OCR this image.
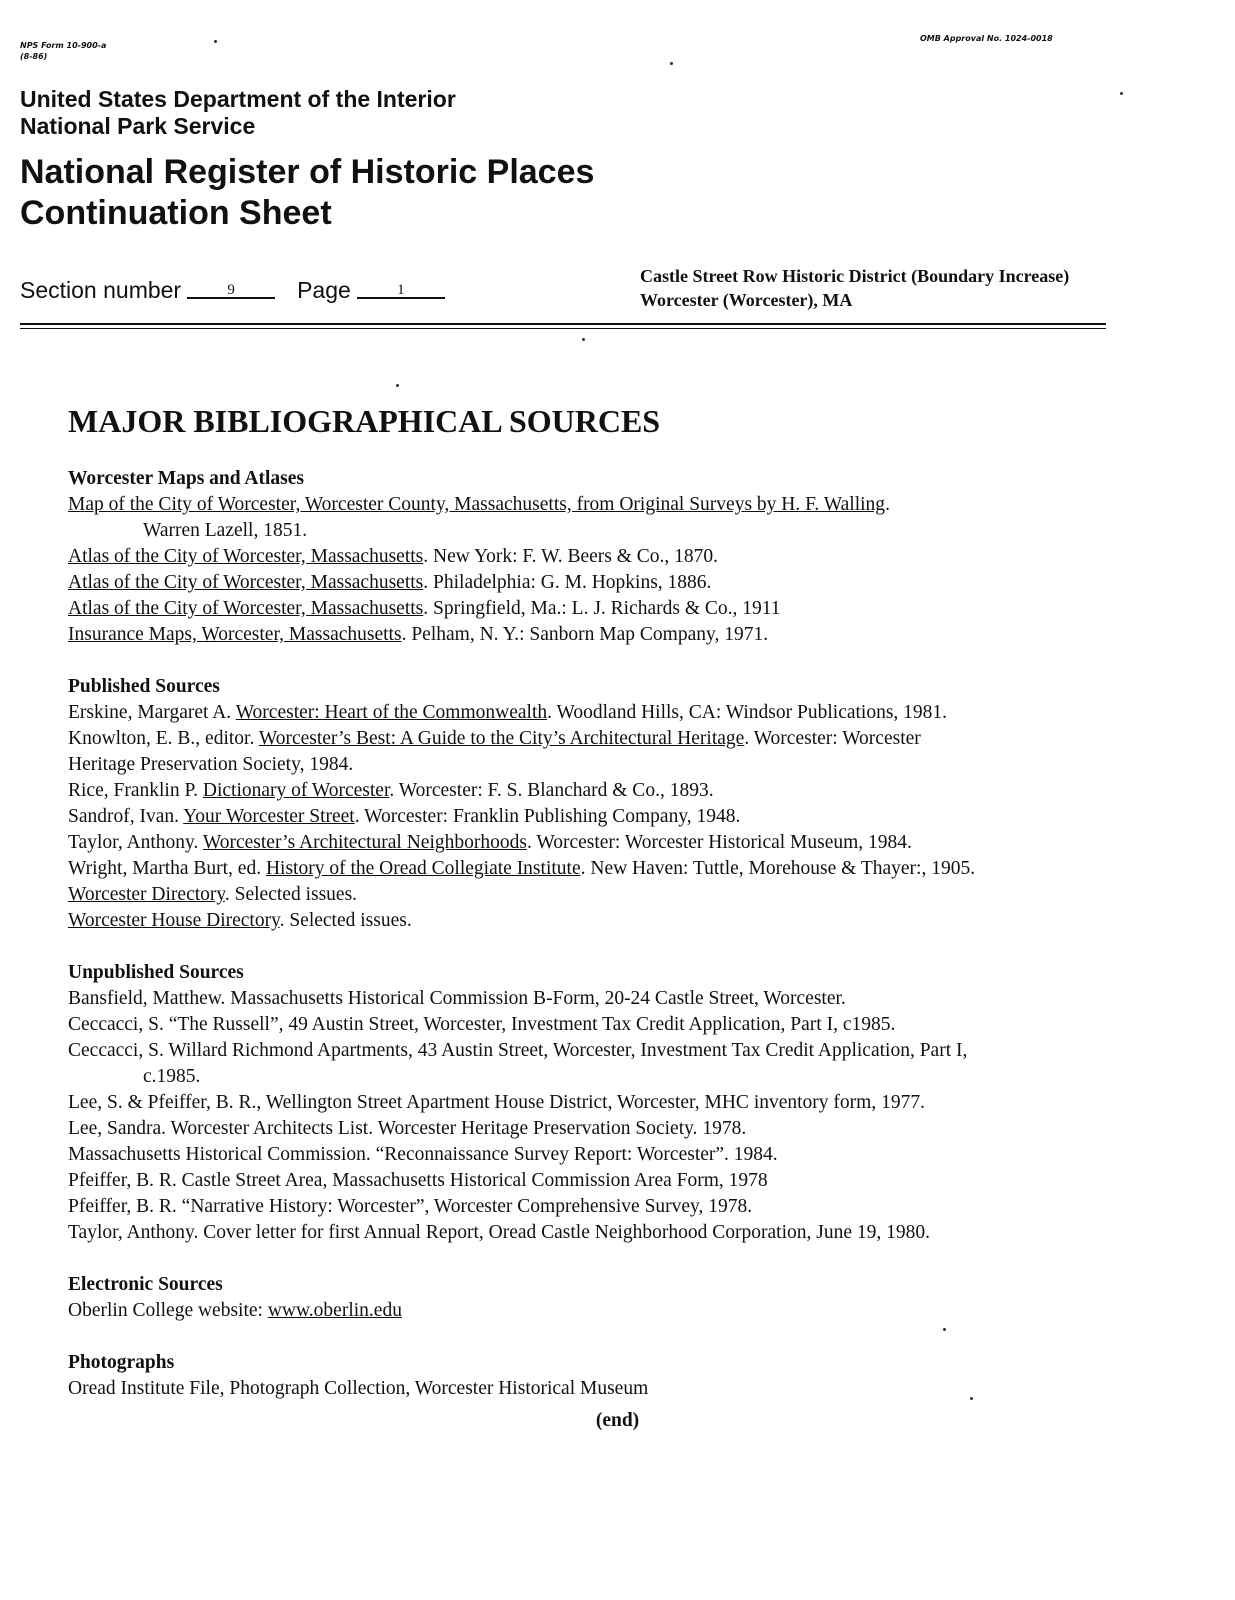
NPS Form 10-900-a
(8-86)
OMB Approval No. 1024-0018
United States Department of the Interior
National Park Service
National Register of Historic Places
Continuation Sheet
Section number	9	Page	1
Castle Street Row Historic District (Boundary Increase)
Worcester (Worcester), MA
MAJOR BIBLIOGRAPHICAL SOURCES
Worcester Maps and Atlases
Map of the City of Worcester, Worcester County, Massachusetts, from Original Surveys by H. F. Walling.
Warren Lazell, 1851.
Atlas of the City of Worcester, Massachusetts. New York: F. W. Beers & Co., 1870.
Atlas of the City of Worcester, Massachusetts. Philadelphia: G. M. Hopkins, 1886.
Atlas of the City of Worcester, Massachusetts. Springfield, Ma.: L. J. Richards & Co., 1911
Insurance Maps, Worcester, Massachusetts. Pelham, N. Y.: Sanborn Map Company, 1971.
Published Sources
Erskine, Margaret A. Worcester: Heart of the Commonwealth. Woodland Hills, CA: Windsor Publications, 1981.
Knowlton, E. B., editor. Worcester’s Best: A Guide to the City’s Architectural Heritage. Worcester: Worcester
Heritage Preservation Society, 1984.
Rice, Franklin P. Dictionary of Worcester. Worcester: F. S. Blanchard & Co., 1893.
Sandrof, Ivan. Your Worcester Street. Worcester: Franklin Publishing Company, 1948.
Taylor, Anthony. Worcester’s Architectural Neighborhoods. Worcester: Worcester Historical Museum, 1984.
Wright, Martha Burt, ed. History of the Oread Collegiate Institute. New Haven: Tuttle, Morehouse & Thayer:, 1905.
Worcester Directory. Selected issues.
Worcester House Directory. Selected issues.
Unpublished Sources
Bansfield, Matthew. Massachusetts Historical Commission B-Form, 20-24 Castle Street, Worcester.
Ceccacci, S. “The Russell”, 49 Austin Street, Worcester, Investment Tax Credit Application, Part I, c1985.
Ceccacci, S. Willard Richmond Apartments, 43 Austin Street, Worcester, Investment Tax Credit Application, Part I,
c.1985.
Lee, S. & Pfeiffer, B. R., Wellington Street Apartment House District, Worcester, MHC inventory form, 1977.
Lee, Sandra. Worcester Architects List. Worcester Heritage Preservation Society. 1978.
Massachusetts Historical Commission. “Reconnaissance Survey Report: Worcester”. 1984.
Pfeiffer, B. R. Castle Street Area, Massachusetts Historical Commission Area Form, 1978
Pfeiffer, B. R. “Narrative History: Worcester”, Worcester Comprehensive Survey, 1978.
Taylor, Anthony. Cover letter for first Annual Report, Oread Castle Neighborhood Corporation, June 19, 1980.
Electronic Sources
Oberlin College website: www.oberlin.edu
Photographs
Oread Institute File, Photograph Collection, Worcester Historical Museum
(end)
